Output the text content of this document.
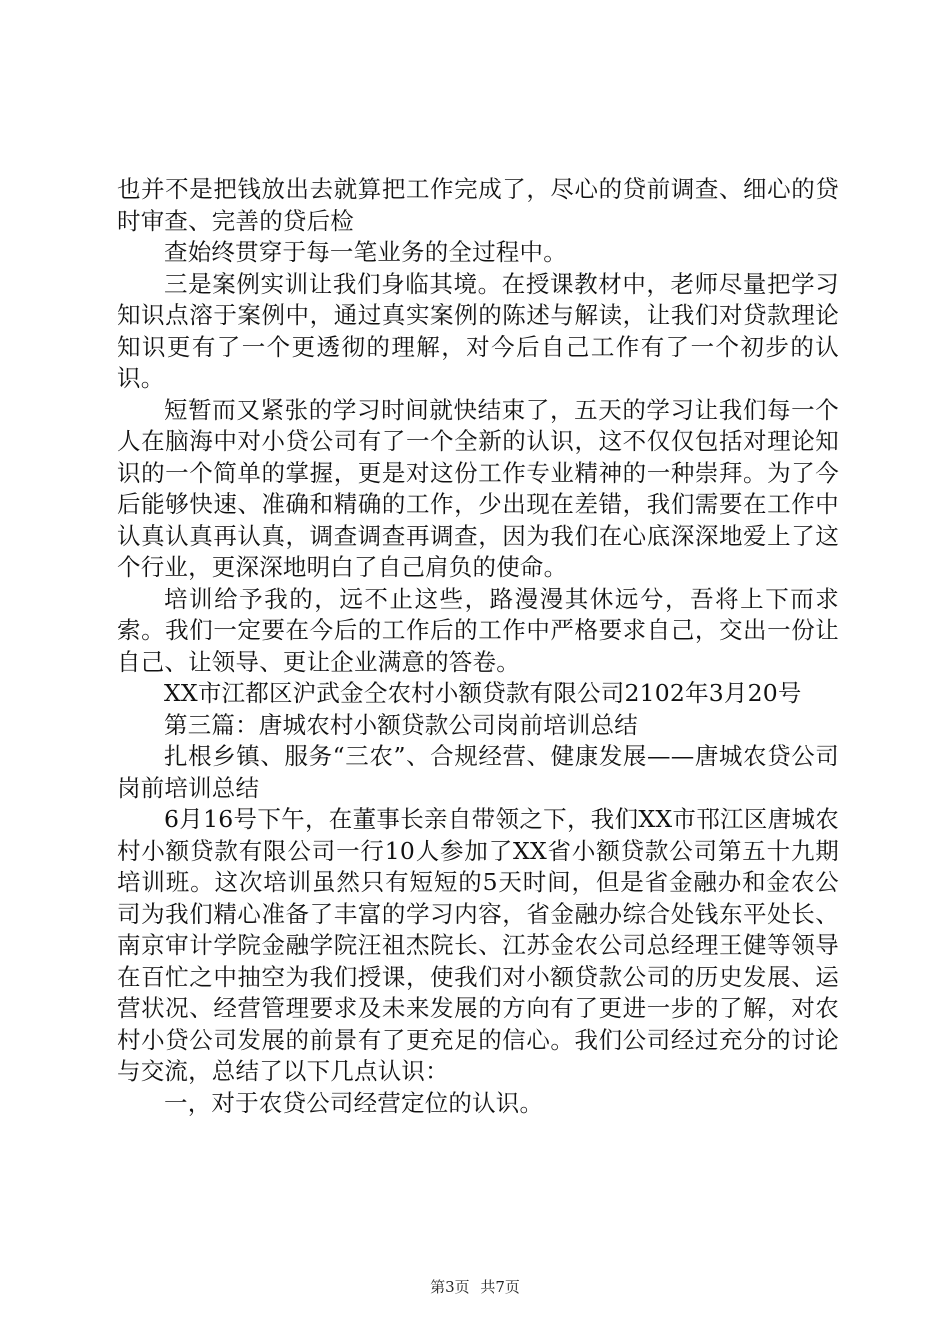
也并不是把钱放出去就算把工作完成了，尽心的贷前调查、细心的贷时审查、完善的贷后检

查始终贯穿于每一笔业务的全过程中。

三是案例实训让我们身临其境。在授课教材中，老师尽量把学习知识点溶于案例中，通过真实案例的陈述与解读，让我们对贷款理论知识更有了一个更透彻的理解，对今后自己工作有了一个初步的认识。

短暂而又紧张的学习时间就快结束了，五天的学习让我们每一个人在脑海中对小贷公司有了一个全新的认识，这不仅仅包括对理论知识的一个简单的掌握，更是对这份工作专业精神的一种崇拜。为了今后能够快速、准确和精确的工作，少出现在差错，我们需要在工作中认真认真再认真，调查调查再调查，因为我们在心底深深地爱上了这个行业，更深深地明白了自己肩负的使命。

培训给予我的，远不止这些，路漫漫其休远兮，吾将上下而求索。我们一定要在今后的工作后的工作中严格要求自己，交出一份让自己、让领导、更让企业满意的答卷。

XX市江都区沪武金仝农村小额贷款有限公司2102年3月20号

第三篇：唐城农村小额贷款公司岗前培训总结

扎根乡镇、服务“三农”、合规经营、健康发展——唐城农贷公司岗前培训总结

6月16号下午，在董事长亲自带领之下，我们XX市邗江区唐城农村小额贷款有限公司一行10人参加了XX省小额贷款公司第五十九期培训班。这次培训虽然只有短短的5天时间，但是省金融办和金农公司为我们精心准备了丰富的学习内容，省金融办综合处钱东平处长、南京审计学院金融学院汪祖杰院长、江苏金农公司总经理王健等领导在百忙之中抽空为我们授课，使我们对小额贷款公司的历史发展、运营状况、经营管理要求及未来发展的方向有了更进一步的了解，对农村小贷公司发展的前景有了更充足的信心。我们公司经过充分的讨论与交流，总结了以下几点认识：

一，对于农贷公司经营定位的认识。

第3页 共7页
